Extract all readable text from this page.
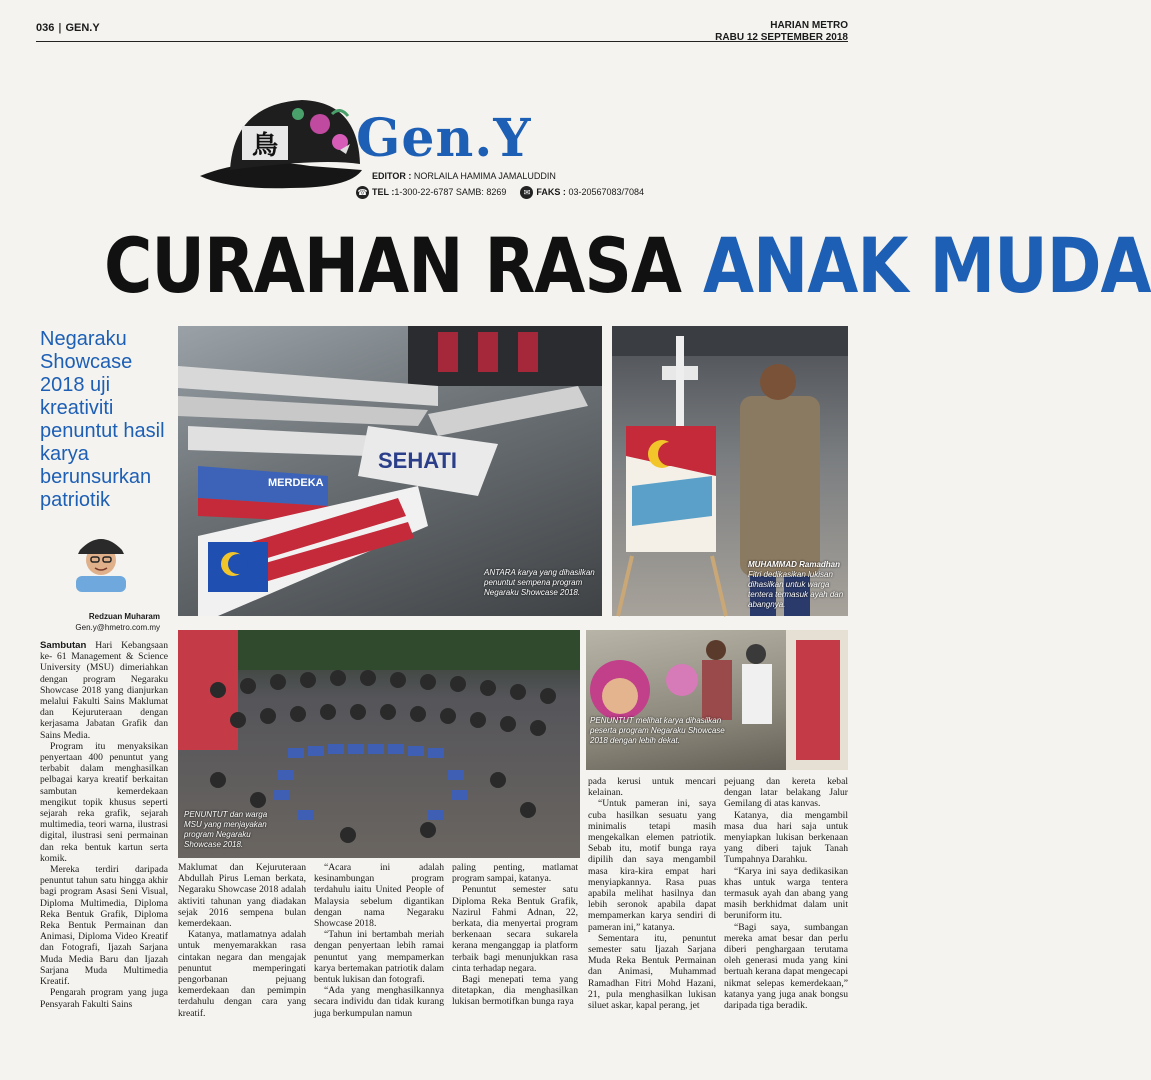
036 | GEN.Y	HARIAN METRO
RABU 12 SEPTEMBER 2018
鳥 Gen.Y
EDITOR : NORLAILA HAMIMA JAMALUDDIN
☎ TEL :1-300-22-6787 SAMB: 8269	✉ FAKS : 03-20567083/7084
CURAHAN RASA ANAK MUDA
Negaraku Showcase 2018 uji kreativiti penuntut hasil karya berunsurkan patriotik
Redzuan Muharam
Gen.y@hmetro.com.my
MERDEKA
SEHATI
ANTARA karya yang dihasilkan penuntut sempena program Negaraku Showcase 2018.
MUHAMMAD Ramadhan Fitri dedikasikan lukisan dihasilkan untuk warga tentera termasuk ayah dan abangnya.
PENUNTUT dan warga MSU yang menjayakan program Negaraku Showcase 2018.
PENUNTUT melihat karya dihasilkan peserta program Negaraku Showcase 2018 dengan lebih dekat.

Sambutan Hari Kebangsaan ke- 61 Management & Science University (MSU) dimeriahkan dengan program Negaraku Showcase 2018 yang dianjurkan melalui Fakulti Sains Maklumat dan Kejuruteraan dengan kerjasama Jabatan Grafik dan Sains Media.

Program itu menyaksikan penyertaan 400 penuntut yang terbabit dalam menghasilkan pelbagai karya kreatif berkaitan sambutan kemerdekaan mengikut topik khusus seperti sejarah reka grafik, sejarah multimedia, teori warna, ilustrasi digital, ilustrasi seni permainan dan reka bentuk kartun serta komik.

Mereka terdiri daripada penuntut tahun satu hingga akhir bagi program Asasi Seni Visual, Diploma Multimedia, Diploma Reka Bentuk Grafik, Diploma Reka Bentuk Permainan dan Animasi, Diploma Video Kreatif dan Fotografi, Ijazah Sarjana Muda Media Baru dan Ijazah Sarjana Muda Multimedia Kreatif.

Pengarah program yang juga Pensyarah Fakulti Sains

Maklumat dan Kejuruteraan Abdullah Pirus Leman berkata, Negaraku Showcase 2018 adalah aktiviti tahunan yang diadakan sejak 2016 sempena bulan kemerdekaan.

Katanya, matlamatnya adalah untuk menyemarakkan rasa cintakan negara dan mengajak penuntut memperingati pengorbanan pejuang kemerdekaan dan pemimpin terdahulu dengan cara yang kreatif.

“Acara ini adalah kesinambungan program terdahulu iaitu United People of Malaysia sebelum digantikan dengan nama Negaraku Showcase 2018.

“Tahun ini bertambah meriah dengan penyertaan lebih ramai penuntut yang mempamerkan karya bertemakan patriotik dalam bentuk lukisan dan fotografi.

“Ada yang menghasilkannya secara individu dan tidak kurang juga berkumpulan namun

paling penting, matlamat program sampai, katanya.

Penuntut semester satu Diploma Reka Bentuk Grafik, Nazirul Fahmi Adnan, 22, berkata, dia menyertai program berkenaan secara sukarela kerana menganggap ia platform terbaik bagi menunjukkan rasa cinta terhadap negara.

Bagi menepati tema yang ditetapkan, dia menghasilkan lukisan bermotifkan bunga raya

pada kerusi untuk mencari kelainan.

“Untuk pameran ini, saya cuba hasilkan sesuatu yang minimalis tetapi masih mengekalkan elemen patriotik. Sebab itu, motif bunga raya dipilih dan saya mengambil masa kira-kira empat hari menyiapkannya. Rasa puas apabila melihat hasilnya dan lebih seronok apabila dapat mempamerkan karya sendiri di pameran ini,” katanya.

Sementara itu, penuntut semester satu Ijazah Sarjana Muda Reka Bentuk Permainan dan Animasi, Muhammad Ramadhan Fitri Mohd Hazani, 21, pula menghasilkan lukisan siluet askar, kapal perang, jet

pejuang dan kereta kebal dengan latar belakang Jalur Gemilang di atas kanvas.

Katanya, dia mengambil masa dua hari saja untuk menyiapkan lukisan berkenaan yang diberi tajuk Tanah Tumpahnya Darahku.

“Karya ini saya dedikasikan khas untuk warga tentera termasuk ayah dan abang yang masih berkhidmat dalam unit beruniform itu.

“Bagi saya, sumbangan mereka amat besar dan perlu diberi penghargaan terutama oleh generasi muda yang kini bertuah kerana dapat mengecapi nikmat selepas kemerdekaan,” katanya yang juga anak bongsu daripada tiga beradik.
